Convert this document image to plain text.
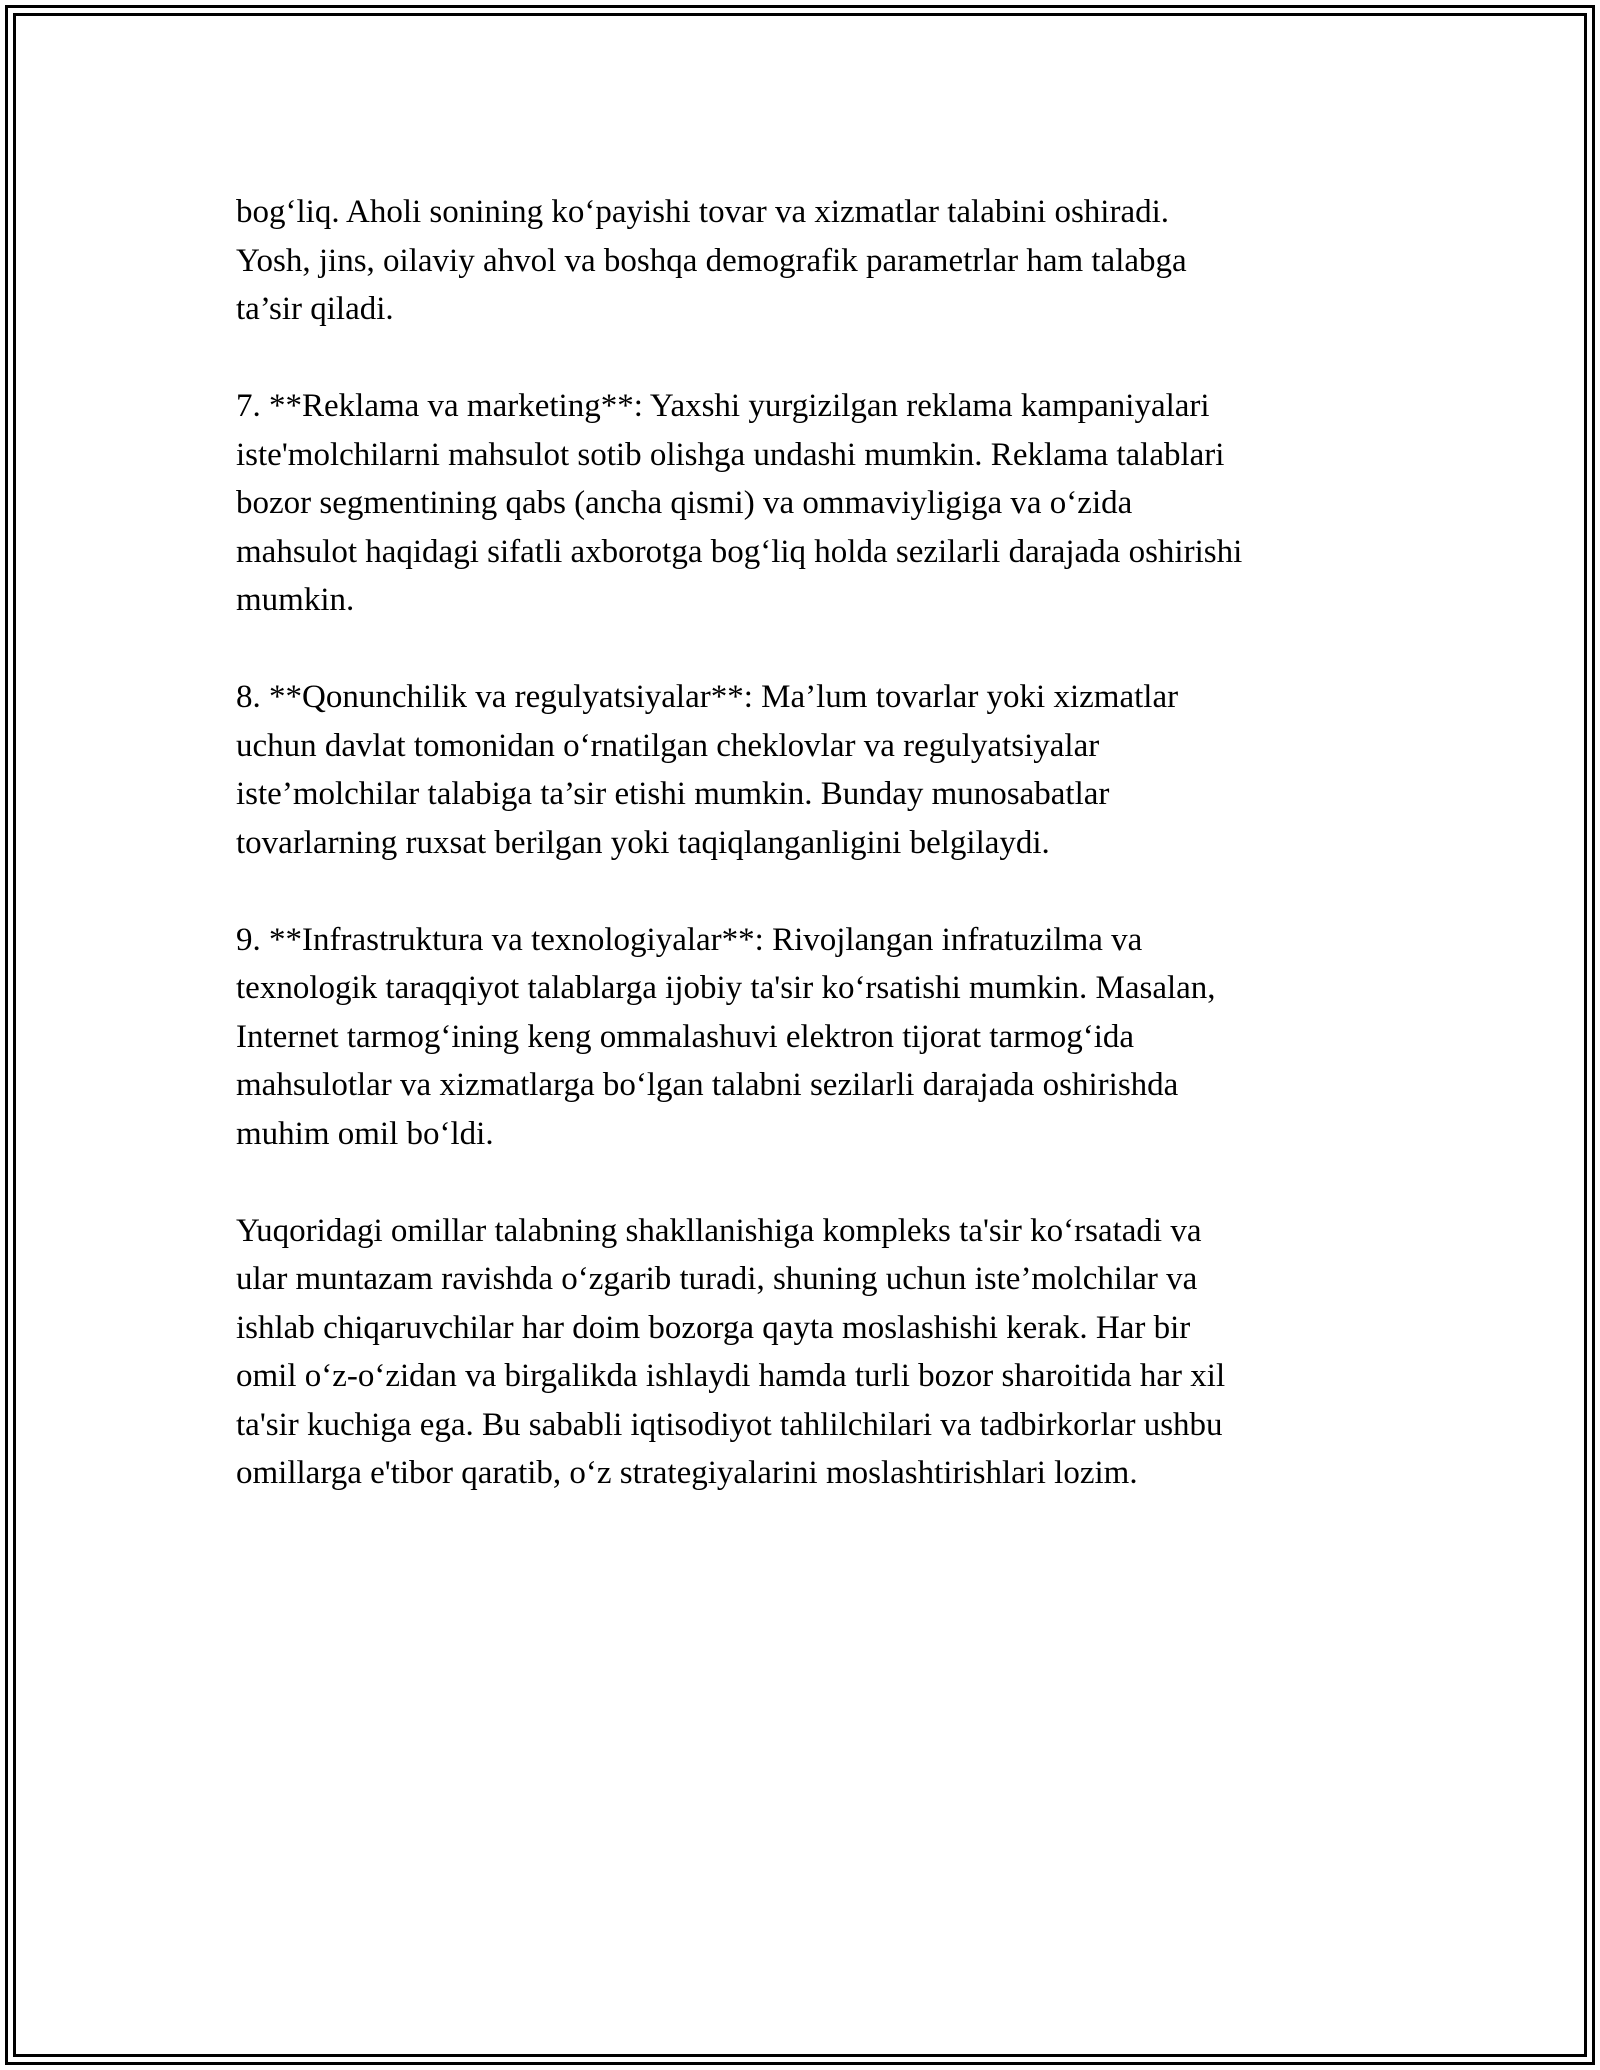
bog‘liq. Aholi sonining ko‘payishi tovar va xizmatlar talabini oshiradi.
Yosh, jins, oilaviy ahvol va boshqa demografik parametrlar ham talabga
ta’sir qiladi.

7. **Reklama va marketing**: Yaxshi yurgizilgan reklama kampaniyalari
iste'molchilarni mahsulot sotib olishga undashi mumkin. Reklama talablari
bozor segmentining qabs (ancha qismi) va ommaviyligiga va o‘zida
mahsulot haqidagi sifatli axborotga bog‘liq holda sezilarli darajada oshirishi
mumkin.

8. **Qonunchilik va regulyatsiyalar**: Ma’lum tovarlar yoki xizmatlar
uchun davlat tomonidan o‘rnatilgan cheklovlar va regulyatsiyalar
iste’molchilar talabiga ta’sir etishi mumkin. Bunday munosabatlar
tovarlarning ruxsat berilgan yoki taqiqlanganligini belgilaydi.

9. **Infrastruktura va texnologiyalar**: Rivojlangan infratuzilma va
texnologik taraqqiyot talablarga ijobiy ta'sir ko‘rsatishi mumkin. Masalan,
Internet tarmog‘ining keng ommalashuvi elektron tijorat tarmog‘ida
mahsulotlar va xizmatlarga bo‘lgan talabni sezilarli darajada oshirishda
muhim omil bo‘ldi.

Yuqoridagi omillar talabning shakllanishiga kompleks ta'sir ko‘rsatadi va
ular muntazam ravishda o‘zgarib turadi, shuning uchun iste’molchilar va
ishlab chiqaruvchilar har doim bozorga qayta moslashishi kerak. Har bir
omil o‘z-o‘zidan va birgalikda ishlaydi hamda turli bozor sharoitida har xil
ta'sir kuchiga ega. Bu sababli iqtisodiyot tahlilchilari va tadbirkorlar ushbu
omillarga e'tibor qaratib, o‘z strategiyalarini moslashtirishlari lozim.
